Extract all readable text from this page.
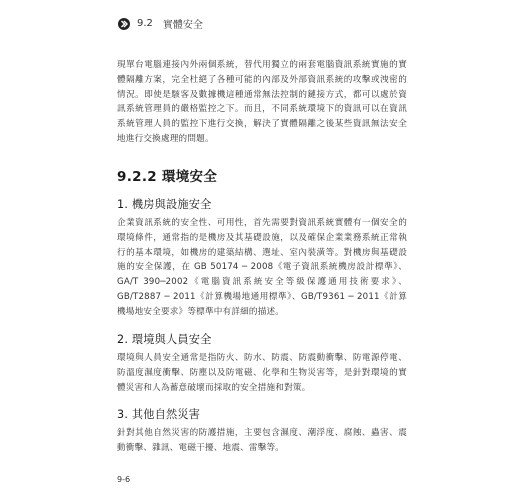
9.2 實體安全

現單台電腦連接內外兩個系統，替代用獨立的兩套電腦資訊系統實施的實體隔離方案，完全杜絕了各種可能的內部及外部資訊系統的攻擊或洩密的情況。即使是駭客及數據機這種通常無法控制的鏈接方式，都可以處於資訊系統管理員的嚴格監控之下。而且，不同系統環境下的資訊可以在資訊系統管理人員的監控下進行交換，解決了實體隔離之後某些資訊無法安全地進行交換處理的問題。

9.2.2 環境安全
1. 機房與設施安全

企業資訊系統的安全性、可用性，首先需要對資訊系統實體有一個安全的環境條件，通常指的是機房及其基礎設施，以及確保企業業務系統正常執行的基本環境，如機房的建築結構、選址、室內裝潢等。對機房與基礎設施的安全保護，在 GB 50174 ─ 2008《電子資訊系統機房設計標準》、GA/T 390─2002《電腦資訊系統安全等級保護通用技術要求》、GB/T2887 ─ 2011《計算機場地通用標準》、GB/T9361 ─ 2011《計算機場地安全要求》等標準中有詳細的描述。

2. 環境與人員安全

環境與人員安全通常是指防火、防水、防震、防震動衝擊、防電源停電、防溫度濕度衝擊、防塵以及防電磁、化學和生物災害等，是針對環境的實體災害和人為蓄意破壞而採取的安全措施和對策。

3. 其他自然災害

針對其他自然災害的防護措施，主要包含濕度、潮浮度、腐蝕、蟲害、震動衝擊、雜訊、電磁干擾、地震、雷擊等。

9-6
